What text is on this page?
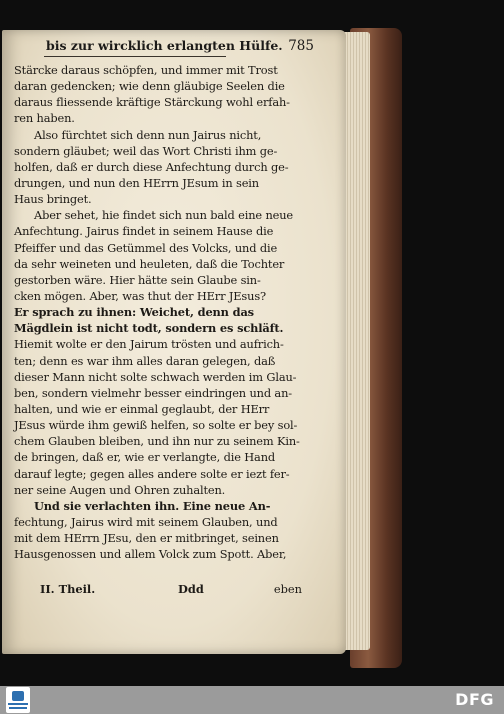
bis zur wircklich erlangten Hülfe. 785
Stärcke daraus schöpfen, und immer mit Trost
daran gedencken; wie denn gläubige Seelen die
daraus fliessende kräftige Stärckung wohl erfah-
ren haben.
Also fürchtet sich denn nun Jairus nicht,
sondern gläubet; weil das Wort Christi ihm ge-
holfen, daß er durch diese Anfechtung durch ge-
drungen, und nun den HErrn JEsum in sein
Haus bringet.
Aber sehet, hie findet sich nun bald eine neue
Anfechtung. Jairus findet in seinem Hause die
Pfeiffer und das Getümmel des Volcks, und die
da sehr weineten und heuleten, daß die Tochter
gestorben wäre. Hier hätte sein Glaube sin-
cken mögen. Aber, was thut der HErr JEsus?
Er sprach zu ihnen: Weichet, denn das
Mägdlein ist nicht todt, sondern es schläft.
Hiemit wolte er den Jairum trösten und aufrich-
ten; denn es war ihm alles daran gelegen, daß
dieser Mann nicht solte schwach werden im Glau-
ben, sondern vielmehr besser eindringen und an-
halten, und wie er einmal geglaubt, der HErr
JEsus würde ihm gewiß helfen, so solte er bey sol-
chem Glauben bleiben, und ihn nur zu seinem Kin-
de bringen, daß er, wie er verlangte, die Hand
darauf legte; gegen alles andere solte er iezt fer-
ner seine Augen und Ohren zuhalten.
Und sie verlachten ihn. Eine neue An-
fechtung, Jairus wird mit seinem Glauben, und
mit dem HErrn JEsu, den er mitbringet, seinen
Hausgenossen und allem Volck zum Spott. Aber,
II. Theil.	Ddd	eben
DFG
